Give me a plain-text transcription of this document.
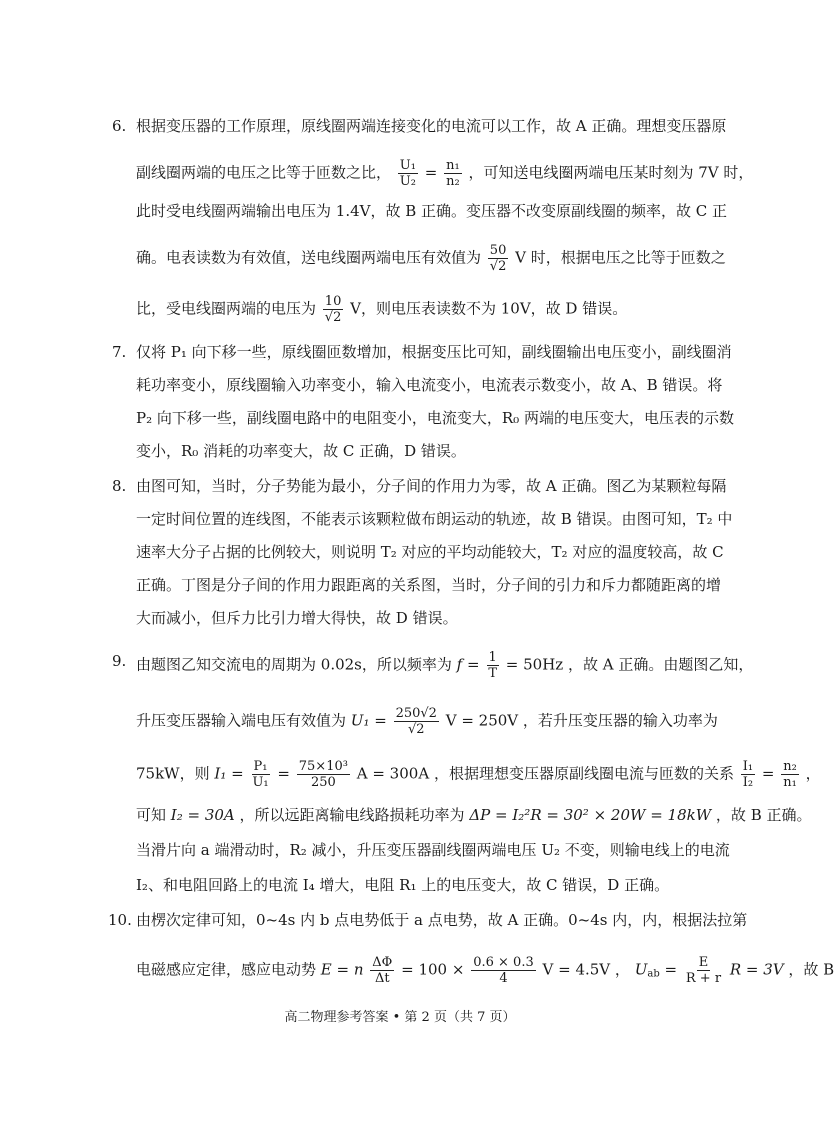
6. 根据变压器的工作原理，原线圈两端连接变化的电流可以工作，故 A 正确。理想变压器原
副线圈两端的电压之比等于匝数之比， $\frac{\text{U₁}}{\text{U₂}} = \frac{\text{n₁}}{\text{n₂}}$ ，可知送电线圈两端电压某时刻为 7V 时，
此时受电线圈两端输出电压为 1.4V，故 B 正确。变压器不改变原副线圈的频率，故 C 正
确。电表读数为有效值，送电线圈两端电压有效值为 $\frac{50}{√2}$ V 时，根据电压之比等于匝数之
比，受电线圈两端的电压为 $\frac{10}{√2}$ V，则电压表读数不为 10V，故 D 错误。
7. 仅将 P₁ 向下移一些，原线圈匝数增加，根据变压比可知，副线圈输出电压变小，副线圈消
耗功率变小，原线圈输入功率变小，输入电流变小，电流表示数变小，故 A、B 错误。将
P₂ 向下移一些，副线圈电路中的电阻变小，电流变大，R₀ 两端的电压变大，电压表的示数
变小，R₀ 消耗的功率变大，故 C 正确，D 错误。
8. 由图可知，当时，分子势能为最小，分子间的作用力为零，故 A 正确。图乙为某颗粒每隔
一定时间位置的连线图，不能表示该颗粒做布朗运动的轨迹，故 B 错误。由图可知，T₂ 中
速率大分子占据的比例较大，则说明 T₂ 对应的平均动能较大，T₂ 对应的温度较高，故 C
正确。丁图是分子间的作用力跟距离的关系图，当时，分子间的引力和斥力都随距离的增
大而减小，但斥力比引力增大得快，故 D 错误。
9. 由题图乙知交流电的周期为 0.02s，所以频率为 $f = \frac{1}{T} = 50Hz$ ，故 A 正确。由题图乙知，
升压变压器输入端电压有效值为 $U_1 = \frac{250√2}{√2}$ V = 250V ，若升压变压器的输入功率为
75kW，则 $I_1 = \frac{\text{P₁}}{\text{U₁}} = \frac{\text{75×10³}}{250}$ A = 300A ，根据理想变压器原副线圈电流与匝数的关系 $\frac{\text{I₁}}{\text{I₂}} = \frac{\text{n₂}}{\text{n₁}}$ ，
可知 I₂ = 30A ，所以远距离输电线路损耗功率为 ΔP = I₂²R = 30² × 20W = 18kW ，故 B 正确。
当滑片向 a 端滑动时，R₂ 减小，升压变压器副线圈两端电压 U₂ 不变，则输电线上的电流
I₂、和电阻回路上的电流 I₄ 增大，电阻 R₁ 上的电压变大，故 C 错误，D 正确。
10. 由楞次定律可知，0~4s 内 b 点电势低于 a 点电势，故 A 正确。0~4s 内，内，根据法拉第
电磁感应定律，感应电动势 E = n $\frac{\Delta\Phi}{\Delta t} = 100 \times \frac{0.6 \times 0.3}{4}$ V = 4.5V ， $U_{ab} = \frac{E}{R + r}$ R = 3V ，故 B
高二物理参考答案 • 第 2 页（共 7 页）
